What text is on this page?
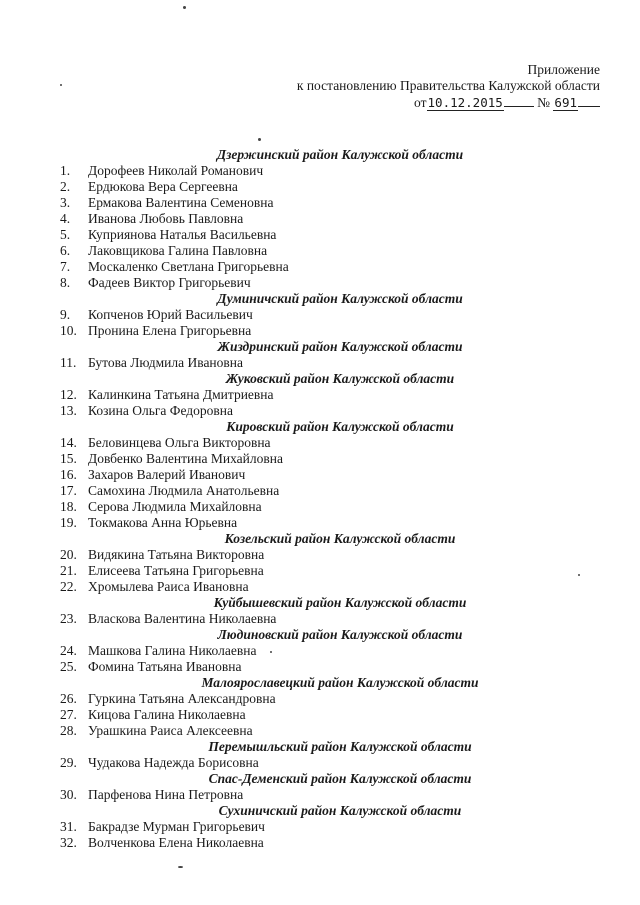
Приложение
к постановлению Правительства Калужской области
от10.12.2015	№ 691
Дзержинский район Калужской области
1.	Дорофеев Николай Романович
2.	Ердюкова Вера Сергеевна
3.	Ермакова Валентина Семеновна
4.	Иванова Любовь Павловна
5.	Куприянова Наталья Васильевна
6.	Лаковщикова Галина Павловна
7.	Москаленко Светлана Григорьевна
8.	Фадеев Виктор Григорьевич
Думиничский район Калужской области
9.	Копченов Юрий Васильевич
10. Пронина Елена Григорьевна
Жиздринский район Калужской области
11. Бутова Людмила Ивановна
Жуковский район Калужской области
12. Калинкина Татьяна Дмитриевна
13. Козина Ольга Федоровна
Кировский район Калужской области
14. Беловинцева Ольга Викторовна
15. Довбенко Валентина Михайловна
16. Захаров Валерий Иванович
17. Самохина Людмила Анатольевна
18. Серова Людмила Михайловна
19. Токмакова Анна Юрьевна
Козельский район Калужской области
20. Видякина Татьяна Викторовна
21. Елисеева Татьяна Григорьевна
22. Хромылева Раиса Ивановна
Куйбышевский район Калужской области
23. Власкова Валентина Николаевна
Людиновский район Калужской области
24. Машкова Галина Николаевна
25. Фомина Татьяна Ивановна
Малоярославецкий район Калужской области
26. Гуркина Татьяна Александровна
27. Кицова Галина Николаевна
28. Урашкина Раиса Алексеевна
Перемышльский район Калужской области
29. Чудакова Надежда Борисовна
Спас-Деменский район Калужской области
30. Парфенова Нина Петровна
Сухиничский район Калужской области
31. Бакрадзе Мурман Григорьевич
32. Волченкова Елена Николаевна
